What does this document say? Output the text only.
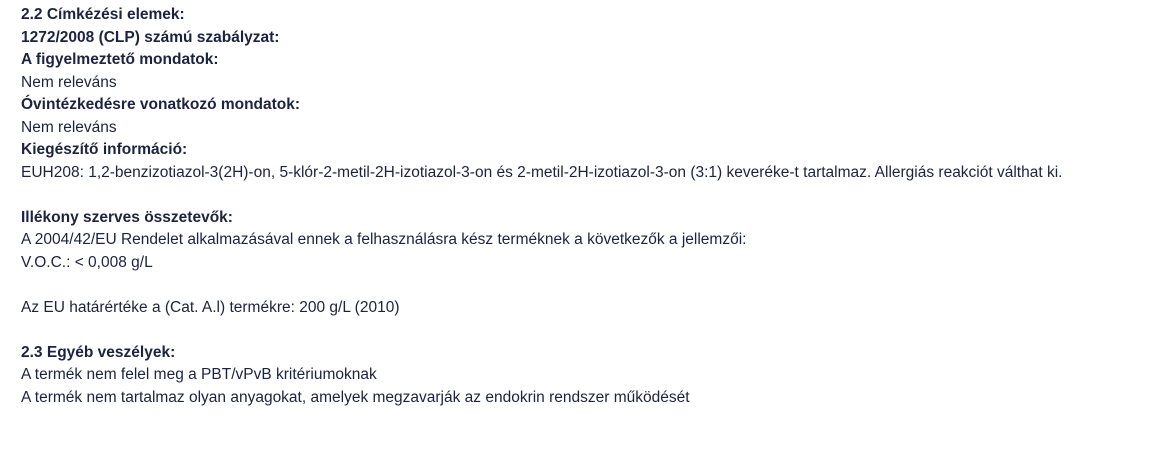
2.2 Címkézési elemek:
1272/2008 (CLP) számú szabályzat:
A figyelmeztető mondatok:
Nem releváns
Óvintézkedésre vonatkozó mondatok:
Nem releváns
Kiegészítő információ:
EUH208: 1,2-benzizotiazol-3(2H)-on, 5-klór-2-metil-2H-izotiazol-3-on és 2-metil-2H-izotiazol-3-on (3:1) keveréke-t tartalmaz. Allergiás reakciót válthat ki.
Illékony szerves összetevők:
A 2004/42/EU Rendelet alkalmazásával ennek a felhasználásra kész terméknek a következők a jellemzői:
V.O.C.: < 0,008 g/L
Az EU határértéke a (Cat. A.l) termékre: 200 g/L (2010)
2.3 Egyéb veszélyek:
A termék nem felel meg a PBT/vPvB kritériumoknak
A termék nem tartalmaz olyan anyagokat, amelyek megzavarják az endokrin rendszer működését
